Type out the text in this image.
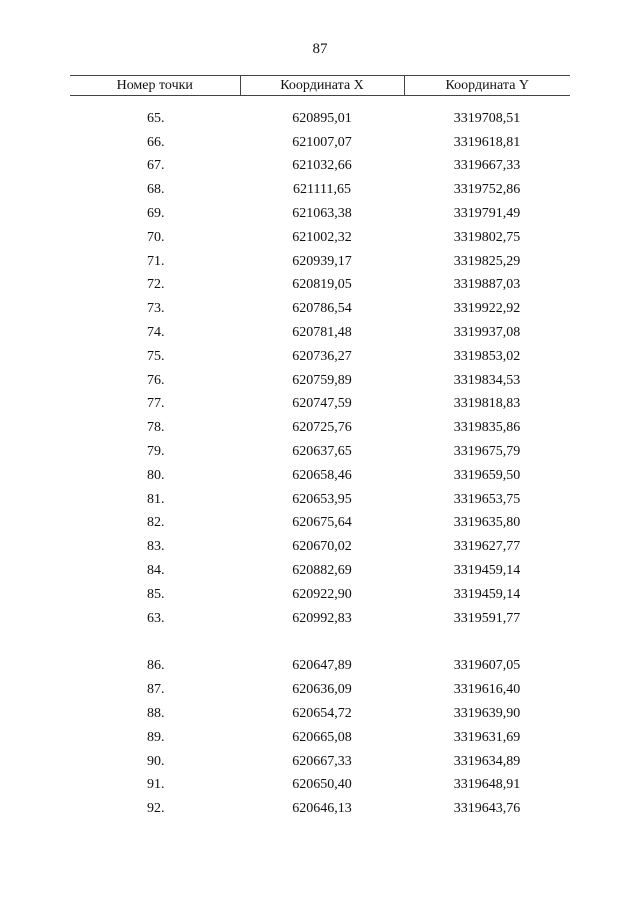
87
Номер точки	Координата X	Координата Y

65.	620895,01	3319708,51
66.	621007,07	3319618,81
67.	621032,66	3319667,33
68.	621111,65	3319752,86
69.	621063,38	3319791,49
70.	621002,32	3319802,75
71.	620939,17	3319825,29
72.	620819,05	3319887,03
73.	620786,54	3319922,92
74.	620781,48	3319937,08
75.	620736,27	3319853,02
76.	620759,89	3319834,53
77.	620747,59	3319818,83
78.	620725,76	3319835,86
79.	620637,65	3319675,79
80.	620658,46	3319659,50
81.	620653,95	3319653,75
82.	620675,64	3319635,80
83.	620670,02	3319627,77
84.	620882,69	3319459,14
85.	620922,90	3319459,14
63.	620992,83	3319591,77

86.	620647,89	3319607,05
87.	620636,09	3319616,40
88.	620654,72	3319639,90
89.	620665,08	3319631,69
90.	620667,33	3319634,89
91.	620650,40	3319648,91
92.	620646,13	3319643,76
